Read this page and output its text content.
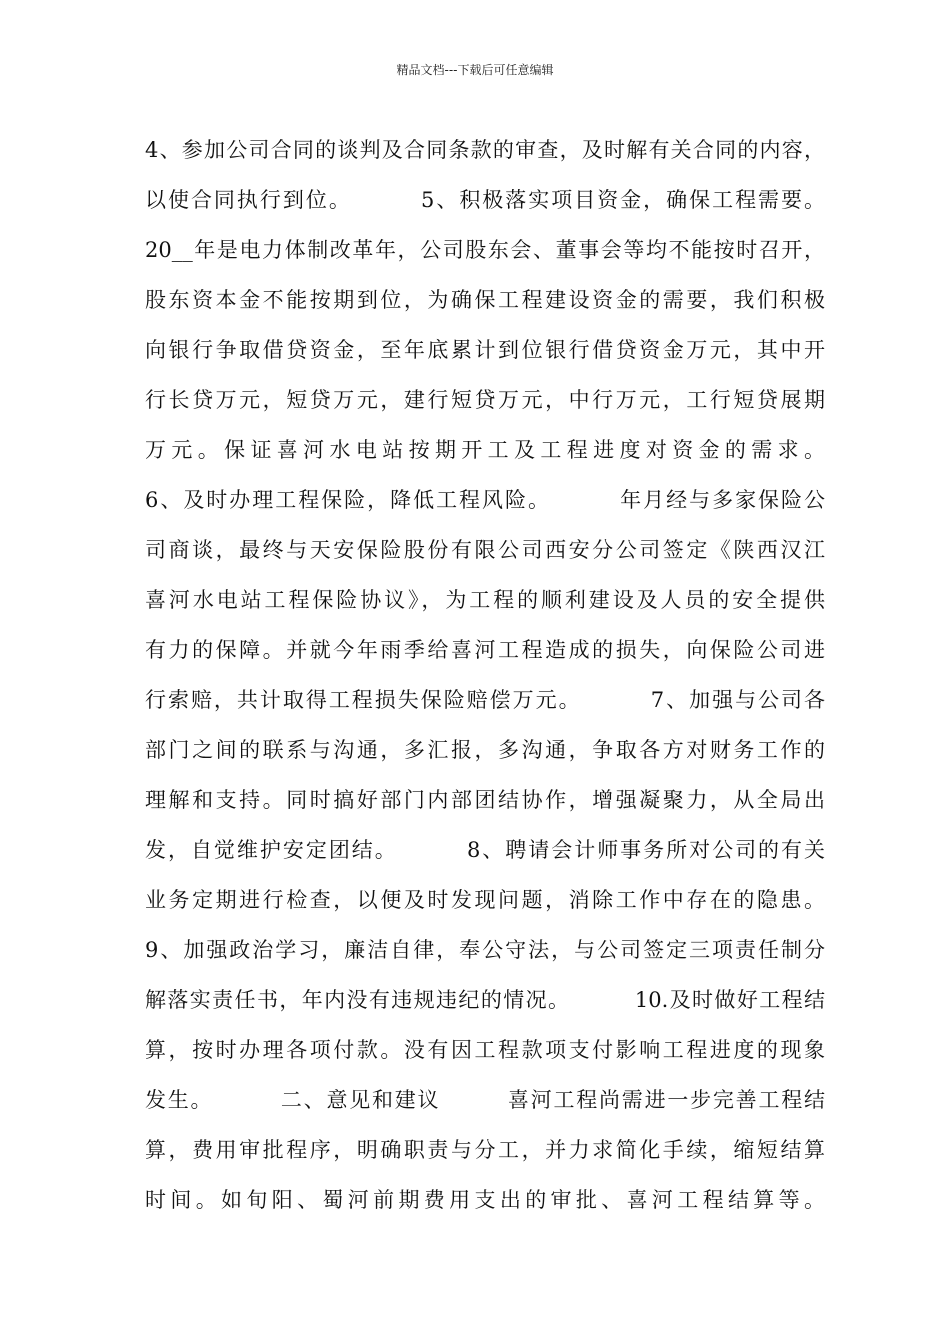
精品文档---下载后可任意编辑
4、参加公司合同的谈判及合同条款的审查，及时解有关合同的内容，
以使合同执行到位。        5、积极落实项目资金，确保工程需要。
20__年是电力体制改革年，公司股东会、董事会等均不能按时召开，
股东资本金不能按期到位，为确保工程建设资金的需要，我们积极
向银行争取借贷资金，至年底累计到位银行借贷资金万元，其中开
行长贷万元，短贷万元，建行短贷万元，中行万元，工行短贷展期
万元。保证喜河水电站按期开工及工程进度对资金的需求。
6、及时办理工程保险，降低工程风险。        年月经与多家保险公
司商谈，最终与天安保险股份有限公司西安分公司签定《陕西汉江
喜河水电站工程保险协议》，为工程的顺利建设及人员的安全提供
有力的保障。并就今年雨季给喜河工程造成的损失，向保险公司进
行索赔，共计取得工程损失保险赔偿万元。        7、加强与公司各
部门之间的联系与沟通，多汇报，多沟通，争取各方对财务工作的
理解和支持。同时搞好部门内部团结协作，增强凝聚力，从全局出
发，自觉维护安定团结。        8、聘请会计师事务所对公司的有关
业务定期进行检查，以便及时发现问题，消除工作中存在的隐患。
9、加强政治学习，廉洁自律，奉公守法，与公司签定三项责任制分
解落实责任书，年内没有违规违纪的情况。        10.及时做好工程结
算，按时办理各项付款。没有因工程款项支付影响工程进度的现象
发生。        二、意见和建议        喜河工程尚需进一步完善工程结
算，费用审批程序，明确职责与分工，并力求简化手续，缩短结算
时间。如旬阳、蜀河前期费用支出的审批、喜河工程结算等。
